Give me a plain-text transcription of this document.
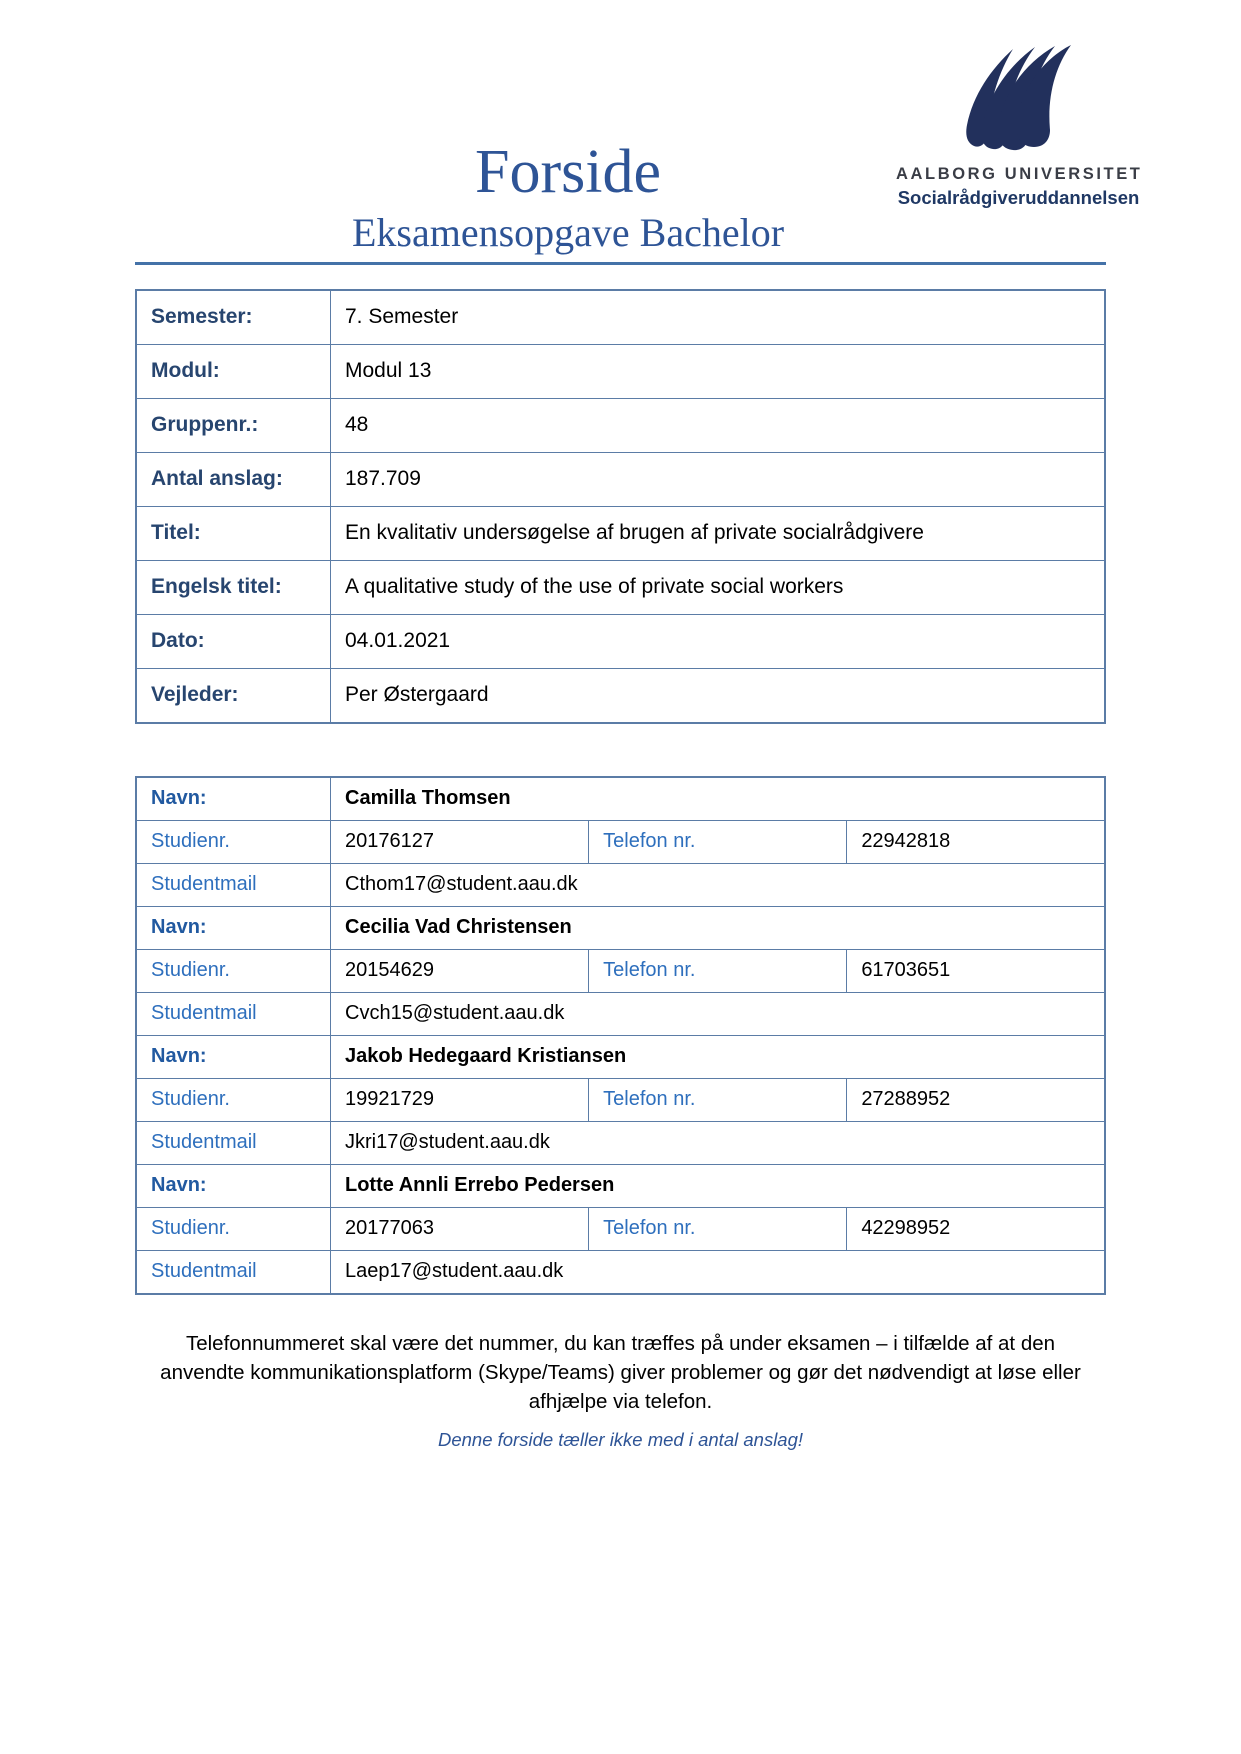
AALBORG UNIVERSITET
Socialrådgiveruddannelsen
Forside
Eksamensopgave Bachelor
Semester:	7. Semester
Modul:	Modul 13
Gruppenr.:	48
Antal anslag:	187.709
Titel:	En kvalitativ undersøgelse af brugen af private socialrådgivere
Engelsk titel:	A qualitative study of the use of private social workers
Dato:	04.01.2021
Vejleder:	Per Østergaard
Navn:	Camilla Thomsen		
Studienr.	20176127	Telefon nr.	22942818
Studentmail	Cthom17@student.aau.dk		
Navn:	Cecilia Vad Christensen		
Studienr.	20154629	Telefon nr.	61703651
Studentmail	Cvch15@student.aau.dk		
Navn:	Jakob Hedegaard Kristiansen		
Studienr.	19921729	Telefon nr.	27288952
Studentmail	Jkri17@student.aau.dk		
Navn:	Lotte Annli Errebo Pedersen		
Studienr.	20177063	Telefon nr.	42298952
Studentmail	Laep17@student.aau.dk		
Telefonnummeret skal være det nummer, du kan træffes på under eksamen – i tilfælde af at den anvendte kommunikationsplatform (Skype/Teams) giver problemer og gør det nødvendigt at løse eller afhjælpe via telefon.
Denne forside tæller ikke med i antal anslag!
